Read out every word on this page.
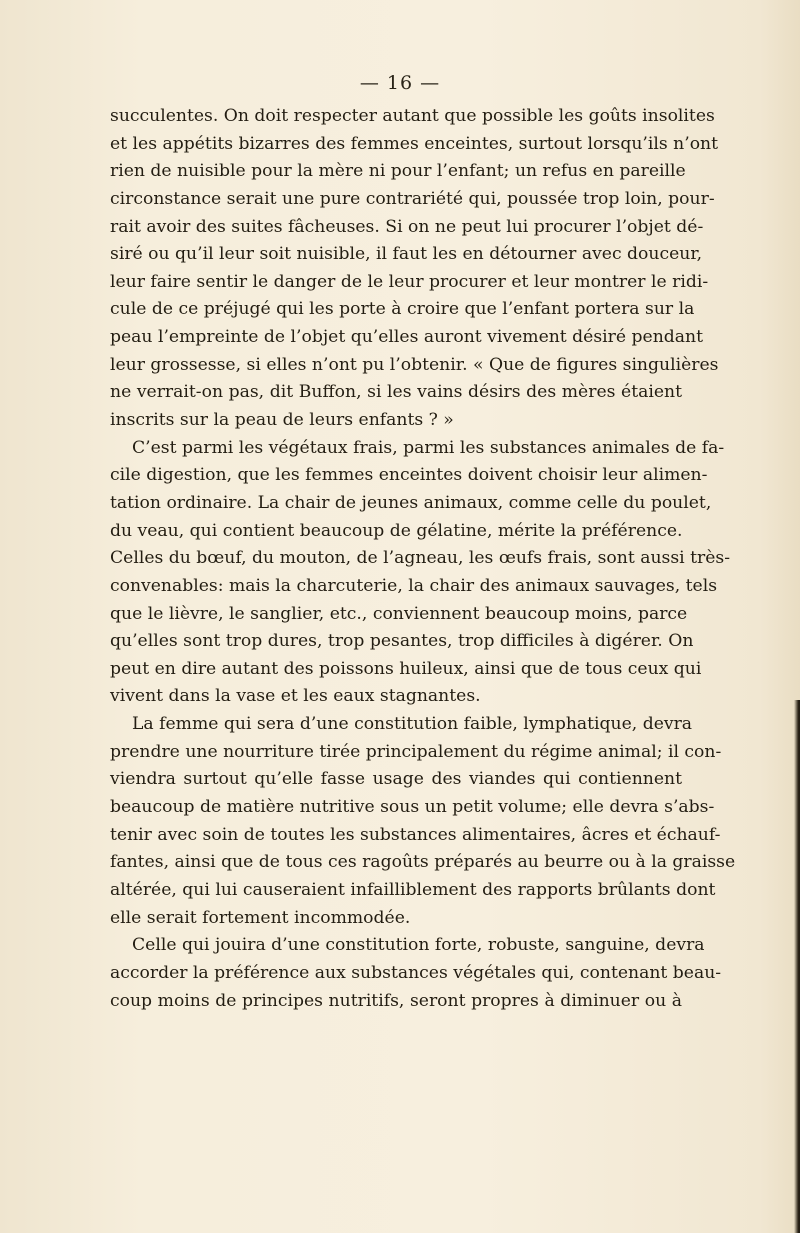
— 16 —
succulentes. On doit respecter autant que possible les goûts insolites
et les appétits bizarres des femmes enceintes, surtout lorsqu’ils n’ont
rien de nuisible pour la mère ni pour l’enfant; un refus en pareille
circonstance serait une pure contrariété qui, poussée trop loin, pour-
rait avoir des suites fâcheuses. Si on ne peut lui procurer l’objet dé-
siré ou qu’il leur soit nuisible, il faut les en détourner avec douceur,
leur faire sentir le danger de le leur procurer et leur montrer le ridi-
cule de ce préjugé qui les porte à croire que l’enfant portera sur la
peau l’empreinte de l’objet qu’elles auront vivement désiré pendant
leur grossesse, si elles n’ont pu l’obtenir. « Que de figures singulières
ne verrait-on pas, dit Buffon, si les vains désirs des mères étaient
inscrits sur la peau de leurs enfants ? »
C’est parmi les végétaux frais, parmi les substances animales de fa-
cile digestion, que les femmes enceintes doivent choisir leur alimen-
tation ordinaire. La chair de jeunes animaux, comme celle du poulet,
du veau, qui contient beaucoup de gélatine, mérite la préférence.
Celles du bœuf, du mouton, de l’agneau, les œufs frais, sont aussi très-
convenables: mais la charcuterie, la chair des animaux sauvages, tels
que le lièvre, le sanglier, etc., conviennent beaucoup moins, parce
qu’elles sont trop dures, trop pesantes, trop difficiles à digérer. On
peut en dire autant des poissons huileux, ainsi que de tous ceux qui
vivent dans la vase et les eaux stagnantes.
La femme qui sera d’une constitution faible, lymphatique, devra
prendre une nourriture tirée principalement du régime animal; il con-
viendra surtout qu’elle fasse usage des viandes qui contiennent
beaucoup de matière nutritive sous un petit volume; elle devra s’abs-
tenir avec soin de toutes les substances alimentaires, âcres et échauf-
fantes, ainsi que de tous ces ragoûts préparés au beurre ou à la graisse
altérée, qui lui causeraient infailliblement des rapports brûlants dont
elle serait fortement incommodée.
Celle qui jouira d’une constitution forte, robuste, sanguine, devra
accorder la préférence aux substances végétales qui, contenant beau-
coup moins de principes nutritifs, seront propres à diminuer ou à
